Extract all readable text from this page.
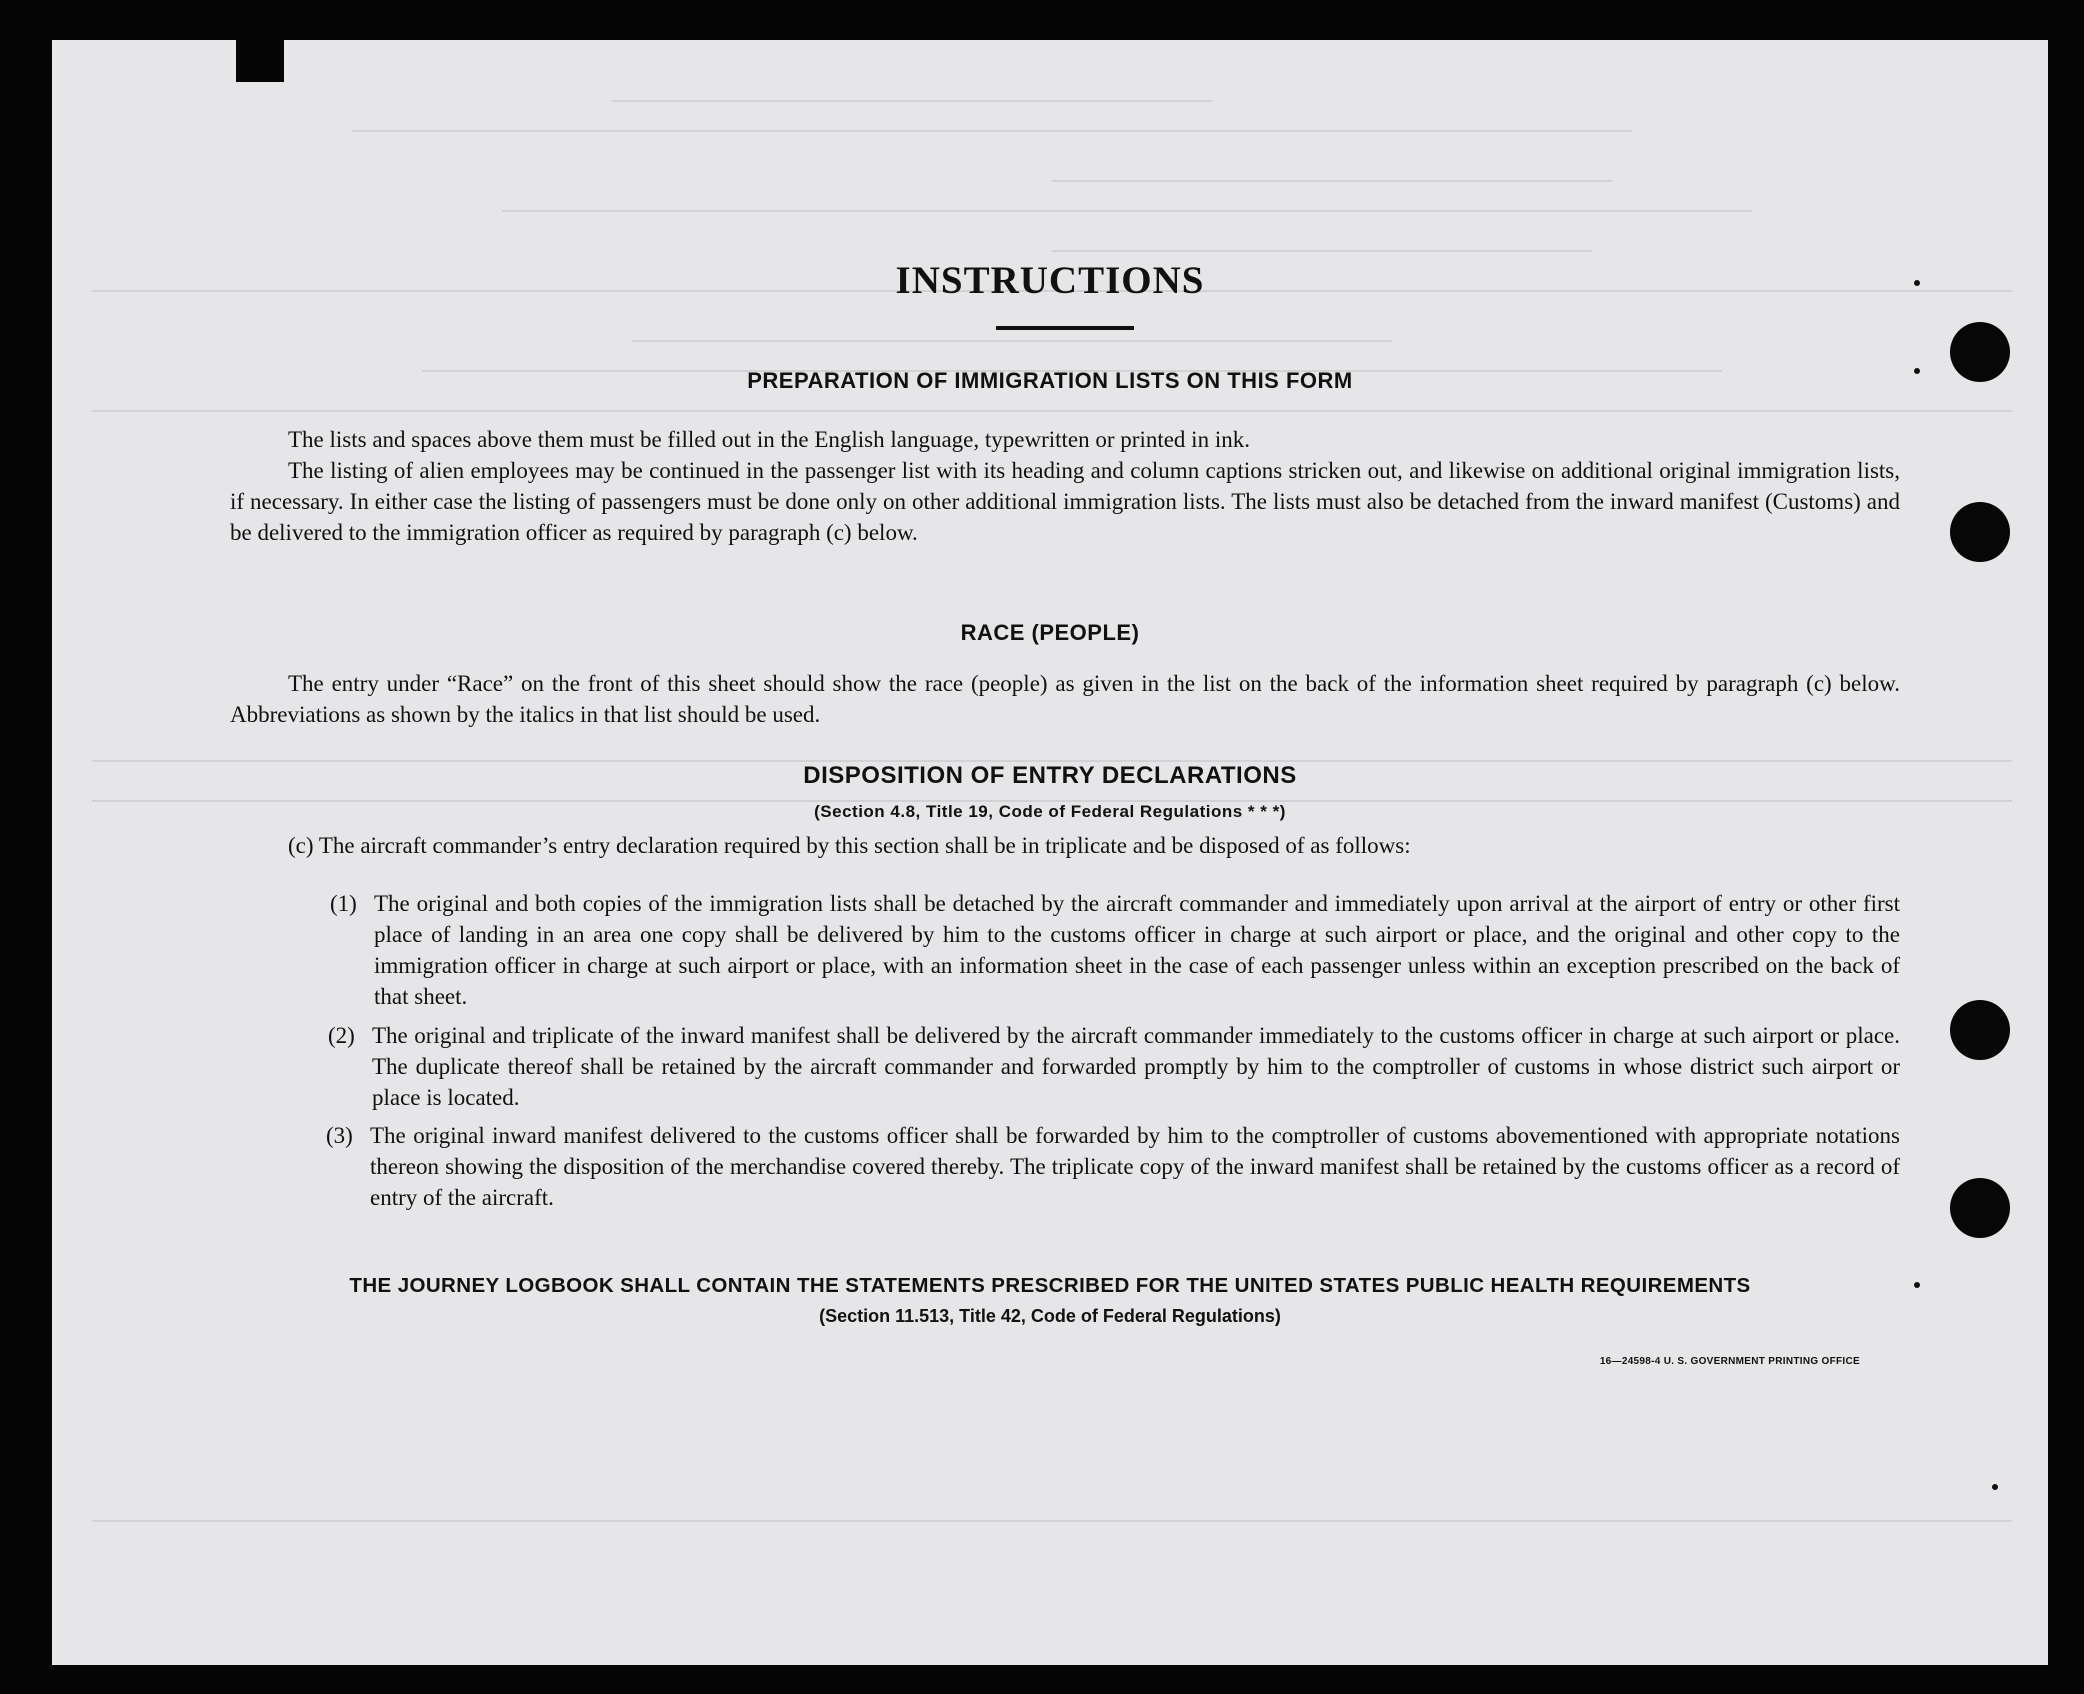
INSTRUCTIONS
PREPARATION OF IMMIGRATION LISTS ON THIS FORM
The lists and spaces above them must be filled out in the English language, typewritten or printed in ink.
The listing of alien employees may be continued in the passenger list with its heading and column captions stricken out, and likewise on additional original immigration lists, if necessary. In either case the listing of passengers must be done only on other additional immigration lists. The lists must also be detached from the inward manifest (Customs) and be delivered to the immigration officer as required by paragraph (c) below.
RACE (PEOPLE)
The entry under “Race” on the front of this sheet should show the race (people) as given in the list on the back of the information sheet required by paragraph (c) below. Abbreviations as shown by the italics in that list should be used.
DISPOSITION OF ENTRY DECLARATIONS
(Section 4.8, Title 19, Code of Federal Regulations * * *)
(c) The aircraft commander’s entry declaration required by this section shall be in triplicate and be disposed of as follows:
(1) The original and both copies of the immigration lists shall be detached by the aircraft commander and immediately upon arrival at the airport of entry or other first place of landing in an area one copy shall be delivered by him to the customs officer in charge at such airport or place, and the original and other copy to the immigration officer in charge at such airport or place, with an information sheet in the case of each passenger unless within an exception prescribed on the back of that sheet.
(2) The original and triplicate of the inward manifest shall be delivered by the aircraft commander immediately to the customs officer in charge at such airport or place. The duplicate thereof shall be retained by the aircraft commander and forwarded promptly by him to the comptroller of customs in whose district such airport or place is located.
(3) The original inward manifest delivered to the customs officer shall be forwarded by him to the comptroller of customs abovementioned with appropriate notations thereon showing the disposition of the merchandise covered thereby. The triplicate copy of the inward manifest shall be retained by the customs officer as a record of entry of the aircraft.
THE JOURNEY LOGBOOK SHALL CONTAIN THE STATEMENTS PRESCRIBED FOR THE UNITED STATES PUBLIC HEALTH REQUIREMENTS
(Section 11.513, Title 42, Code of Federal Regulations)
16—24598-4 U. S. GOVERNMENT PRINTING OFFICE
